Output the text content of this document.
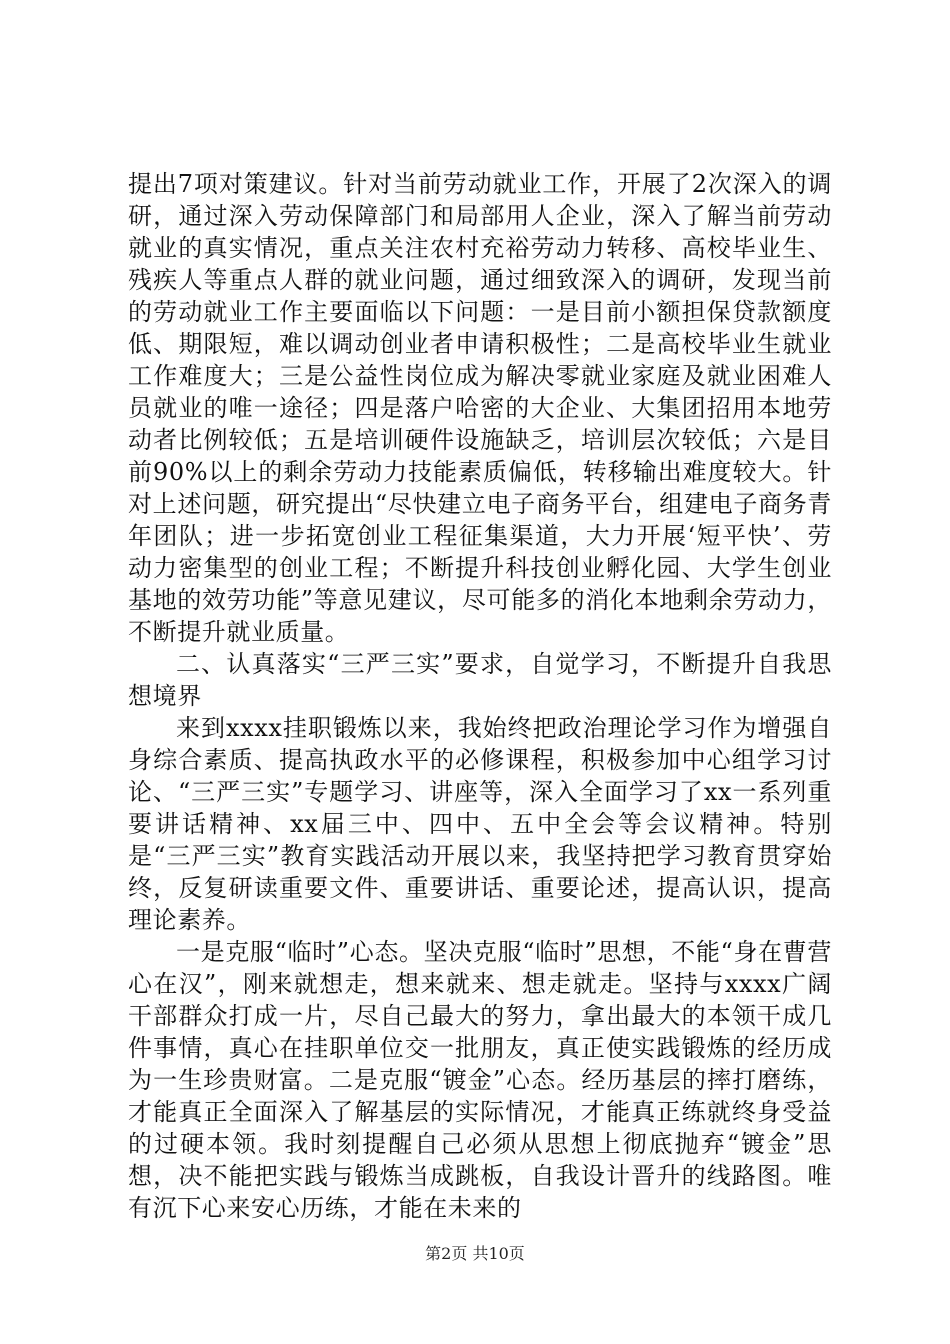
提出7项对策建议。针对当前劳动就业工作，开展了2次深入的调研，通过深入劳动保障部门和局部用人企业，深入了解当前劳动就业的真实情况，重点关注农村充裕劳动力转移、高校毕业生、残疾人等重点人群的就业问题，通过细致深入的调研，发现当前的劳动就业工作主要面临以下问题：一是目前小额担保贷款额度低、期限短，难以调动创业者申请积极性；二是高校毕业生就业工作难度大；三是公益性岗位成为解决零就业家庭及就业困难人员就业的唯一途径；四是落户哈密的大企业、大集团招用本地劳动者比例较低；五是培训硬件设施缺乏，培训层次较低；六是目前90%以上的剩余劳动力技能素质偏低，转移输出难度较大。针对上述问题，研究提出“尽快建立电子商务平台，组建电子商务青年团队；进一步拓宽创业工程征集渠道，大力开展‘短平快’、劳动力密集型的创业工程；不断提升科技创业孵化园、大学生创业基地的效劳功能”等意见建议，尽可能多的消化本地剩余劳动力，不断提升就业质量。

二、认真落实“三严三实”要求，自觉学习，不断提升自我思想境界

来到xxxx挂职锻炼以来，我始终把政治理论学习作为增强自身综合素质、提高执政水平的必修课程，积极参加中心组学习讨论、“三严三实”专题学习、讲座等，深入全面学习了xx一系列重要讲话精神、xx届三中、四中、五中全会等会议精神。特别是“三严三实”教育实践活动开展以来，我坚持把学习教育贯穿始终，反复研读重要文件、重要讲话、重要论述，提高认识，提高理论素养。

一是克服“临时”心态。坚决克服“临时”思想，不能“身在曹营心在汉”，刚来就想走，想来就来、想走就走。坚持与xxxx广阔干部群众打成一片，尽自己最大的努力，拿出最大的本领干成几件事情，真心在挂职单位交一批朋友，真正使实践锻炼的经历成为一生珍贵财富。二是克服“镀金”心态。经历基层的摔打磨练，才能真正全面深入了解基层的实际情况，才能真正练就终身受益的过硬本领。我时刻提醒自己必须从思想上彻底抛弃“镀金”思想，决不能把实践与锻炼当成跳板，自我设计晋升的线路图。唯有沉下心来安心历练，才能在未来的

第2页 共10页
